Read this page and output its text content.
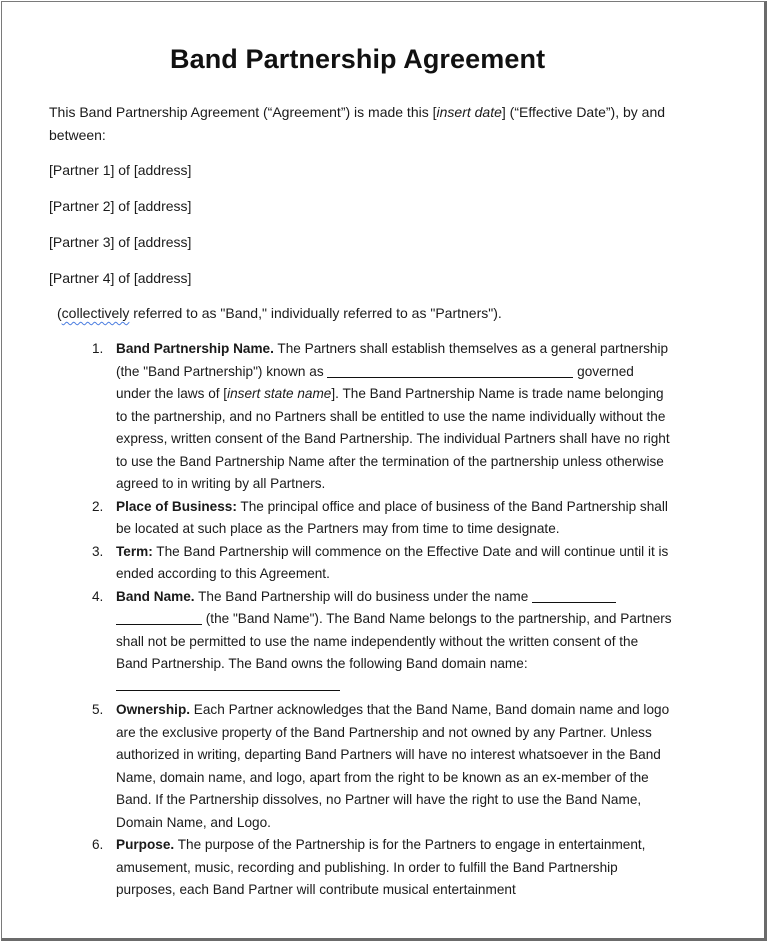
Band Partnership Agreement
This Band Partnership Agreement (“Agreement”) is made this [insert date] (“Effective Date”), by and between:
[Partner 1] of [address]
[Partner 2] of [address]
[Partner 3] of [address]
[Partner 4] of [address]
(collectively referred to as "Band," individually referred to as "Partners").
1. Band Partnership Name. The Partners shall establish themselves as a general partnership (the "Band Partnership") known as	governed under the laws of [insert state name]. The Band Partnership Name is trade name belonging to the partnership, and no Partners shall be entitled to use the name individually without the express, written consent of the Band Partnership. The individual Partners shall have no right to use the Band Partnership Name after the termination of the partnership unless otherwise agreed to in writing by all Partners.
2. Place of Business: The principal office and place of business of the Band Partnership shall be located at such place as the Partners may from time to time designate.
3. Term: The Band Partnership will commence on the Effective Date and will continue until it is ended according to this Agreement.
4. Band Name. The Band Partnership will do business under the name   (the "Band Name"). The Band Name belongs to the partnership, and Partners shall not be permitted to use the name independently without the written consent of the Band Partnership. The Band owns the following Band domain name:
5. Ownership. Each Partner acknowledges that the Band Name, Band domain name and logo are the exclusive property of the Band Partnership and not owned by any Partner. Unless authorized in writing, departing Band Partners will have no interest whatsoever in the Band Name, domain name, and logo, apart from the right to be known as an ex-member of the Band. If the Partnership dissolves, no Partner will have the right to use the Band Name, Domain Name, and Logo.
6. Purpose. The purpose of the Partnership is for the Partners to engage in entertainment, amusement, music, recording and publishing. In order to fulfill the Band Partnership purposes, each Band Partner will contribute musical entertainment
